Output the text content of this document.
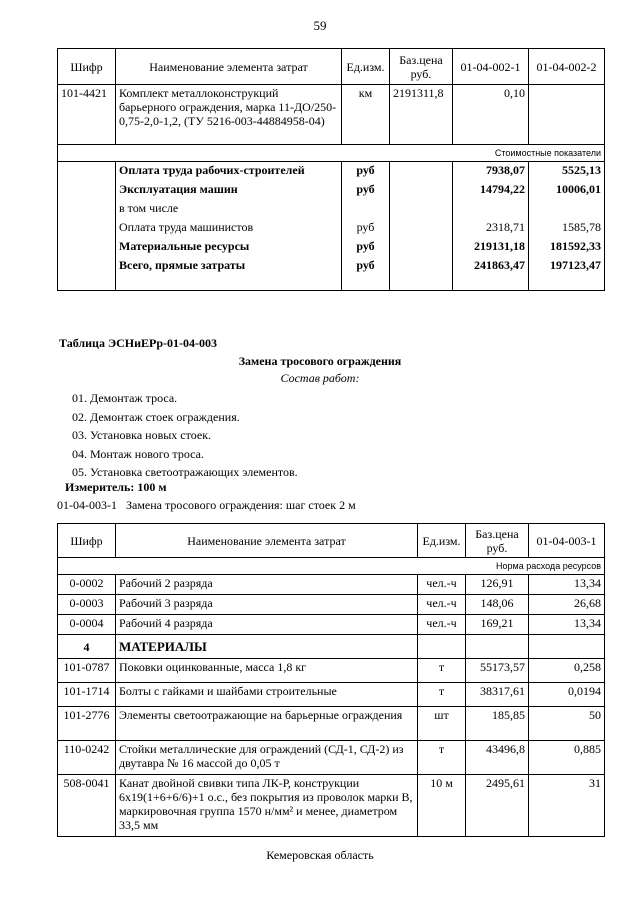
59
Шифр	Наименование элемента затрат	Ед.изм.	Баз.цена руб.	01-04-002-1	01-04-002-2
101-4421	Комплект металлоконструкций барьерного ограждения, марка 11-ДО/250-0,75-2,0-1,2, (ТУ 5216-003-44884958-04)	км	2191311,8	0,10	
Стоимостные показатели					
	Оплата труда рабочих-строителей	руб		7938,07	5525,13
	Эксплуатация машин	руб		14794,22	10006,01
	в том числе				
	Оплата труда машинистов	руб		2318,71	1585,78
	Материальные ресурсы	руб		219131,18	181592,33
	Всего, прямые затраты	руб		241863,47	197123,47
Таблица ЭСНиЕРр-01-04-003
Замена тросового ограждения
Состав работ:
01. Демонтаж троса.
02. Демонтаж стоек ограждения.
03. Установка новых стоек.
04. Монтаж нового троса.
05. Установка светоотражающих элементов.
Измеритель: 100 м
01-04-003-1   Замена тросового ограждения: шаг стоек 2 м
Шифр	Наименование элемента затрат	Ед.изм.	Баз.цена руб.	01-04-003-1
Норма расхода ресурсов				
0-0002	Рабочий 2 разряда	чел.-ч	126,91	13,34
0-0003	Рабочий 3 разряда	чел.-ч	148,06	26,68
0-0004	Рабочий 4 разряда	чел.-ч	169,21	13,34
4	МАТЕРИАЛЫ			
101-0787	Поковки оцинкованные, масса 1,8 кг	т	55173,57	0,258
101-1714	Болты с гайками и шайбами строительные	т	38317,61	0,0194
101-2776	Элементы светоотражающие на барьерные ограждения	шт	185,85	50
110-0242	Стойки металлические для ограждений (СД-1, СД-2) из двутавра № 16 массой до 0,05 т	т	43496,8	0,885
508-0041	Канат двойной свивки типа ЛК-Р, конструкции 6х19(1+6+6/6)+1 о.с., без покрытия из проволок марки В, маркировочная группа 1570 н/мм² и менее, диаметром 33,5 мм	10 м	2495,61	31
Кемеровская область
